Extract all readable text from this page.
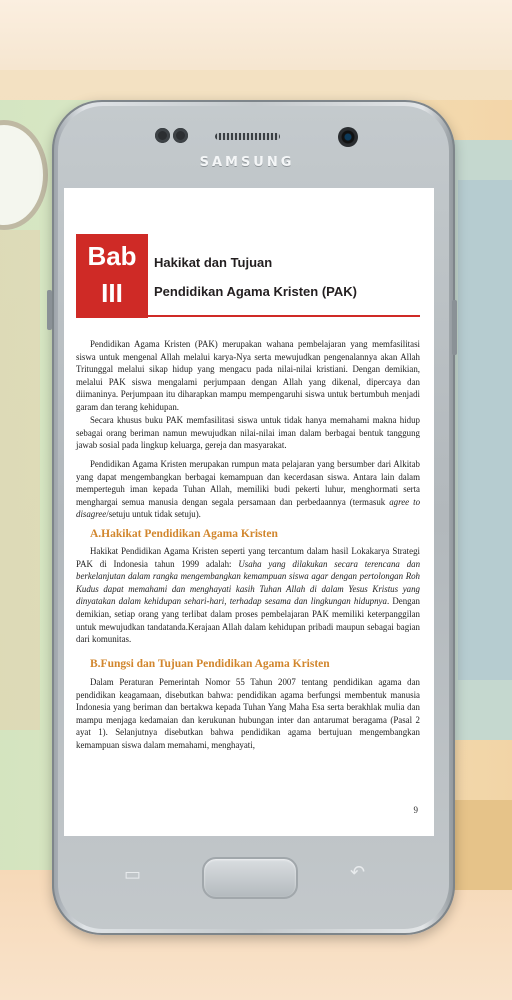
SAMSUNG
Bab
III
Hakikat dan Tujuan
Pendidikan Agama Kristen (PAK)

Pendidikan Agama Kristen (PAK) merupakan wahana pembelajaran yang memfasilitasi siswa untuk mengenal Allah melalui karya-Nya serta mewujudkan pengenalannya akan Allah Tritunggal melalui sikap hidup yang mengacu pada nilai-nilai kristiani. Dengan demikian, melalui PAK siswa mengalami perjumpaan dengan Allah yang dikenal, dipercaya dan diimaninya. Perjumpaan itu diharapkan mampu mempengaruhi siswa untuk bertumbuh menjadi garam dan terang kehidupan.

Secara khusus buku PAK memfasilitasi siswa untuk tidak hanya memahami makna hidup sebagai orang beriman namun mewujudkan nilai-nilai iman dalam berbagai bentuk tanggung jawab sosial pada lingkup keluarga, gereja dan masyarakat.

Pendidikan Agama Kristen merupakan rumpun mata pelajaran yang bersumber dari Alkitab yang dapat mengembangkan berbagai kemampuan dan kecerdasan siswa. Antara lain dalam memperteguh iman kepada Tuhan Allah, memiliki budi pekerti luhur, menghormati serta menghargai semua manusia dengan segala persamaan dan perbedaannya (termasuk agree to disagree/setuju untuk tidak setuju).

A.Hakikat Pendidikan Agama Kristen

Hakikat Pendidikan Agama Kristen seperti yang tercantum dalam hasil Lokakarya Strategi PAK di Indonesia tahun 1999 adalah: Usaha yang dilakukan secara terencana dan berkelanjutan dalam rangka mengembangkan kemampuan siswa agar dengan pertolongan Roh Kudus dapat memahami dan menghayati kasih Tuhan Allah di dalam Yesus Kristus yang dinyatakan dalam kehidupan sehari-hari, terhadap sesama dan lingkungan hidupnya. Dengan demikian, setiap orang yang terlibat dalam proses pembelajaran PAK memiliki keterpanggilan untuk mewujudkan tandatanda.Kerajaan Allah dalam kehidupan pribadi maupun sebagai bagian dari komunitas.

B.Fungsi dan Tujuan Pendidikan Agama Kristen

Dalam Peraturan Pemerintah Nomor 55 Tahun 2007 tentang pendidikan agama dan pendidikan keagamaan, disebutkan bahwa: pendidikan agama berfungsi membentuk manusia Indonesia yang beriman dan bertakwa kepada Tuhan Yang Maha Esa serta berakhlak mulia dan mampu menjaga kedamaian dan kerukunan hubungan inter dan antarumat beragama (Pasal 2 ayat 1). Selanjutnya disebutkan bahwa pendidikan agama bertujuan mengembangkan kemampuan siswa dalam memahami, menghayati,

9
▭	↶
